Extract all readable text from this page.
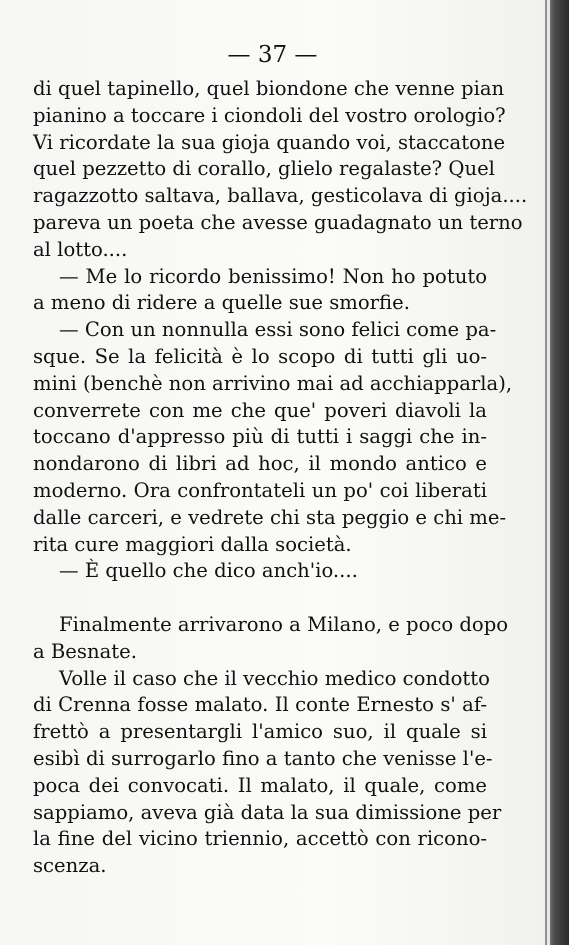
— 37 —
di quel tapinello, quel biondone che venne pian
pianino a toccare i ciondoli del vostro orologio?
Vi ricordate la sua gioja quando voi, staccatone
quel pezzetto di corallo, glielo regalaste? Quel
ragazzotto saltava, ballava, gesticolava di gioja....
pareva un poeta che avesse guadagnato un terno
al lotto....
— Me lo ricordo benissimo! Non ho potuto
a meno di ridere a quelle sue smorfie.
— Con un nonnulla essi sono felici come pa-
sque. Se la felicità è lo scopo di tutti gli uo-
mini (benchè non arrivino mai ad acchiapparla),
converrete con me che que' poveri diavoli la
toccano d'appresso più di tutti i saggi che in-
nondarono di libri ad hoc, il mondo antico e
moderno. Ora confrontateli un po' coi liberati
dalle carceri, e vedrete chi sta peggio e chi me-
rita cure maggiori dalla società.
— È quello che dico anch'io....
Finalmente arrivarono a Milano, e poco dopo
a Besnate.
Volle il caso che il vecchio medico condotto
di Crenna fosse malato. Il conte Ernesto s' af-
frettò a presentargli l'amico suo, il quale si
esibì di surrogarlo fino a tanto che venisse l'e-
poca dei convocati. Il malato, il quale, come
sappiamo, aveva già data la sua dimissione per
la fine del vicino triennio, accettò con ricono-
scenza.
